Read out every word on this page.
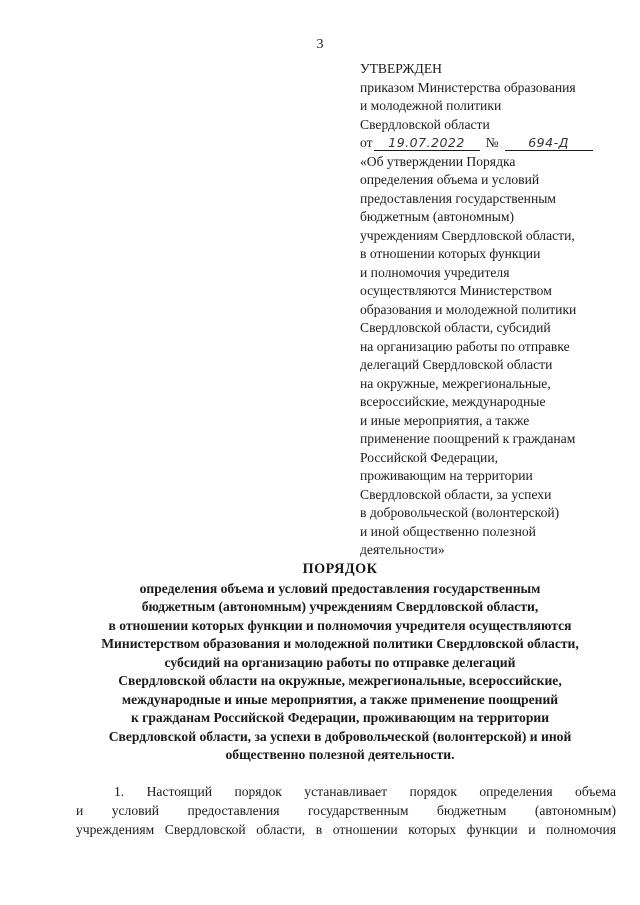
3
УТВЕРЖДЕН
приказом Министерства образования
и молодежной политики
Свердловской области
от	19.07.2022	№	694-Д
«Об утверждении Порядка
определения объема и условий
предоставления государственным
бюджетным (автономным)
учреждениям Свердловской области,
в отношении которых функции
и полномочия учредителя
осуществляются Министерством
образования и молодежной политики
Свердловской области, субсидий
на организацию работы по отправке
делегаций Свердловской области
на окружные, межрегиональные,
всероссийские, международные
и иные мероприятия, а также
применение поощрений к гражданам
Российской Федерации,
проживающим на территории
Свердловской области, за успехи
в добровольческой (волонтерской)
и иной общественно полезной
деятельности»
ПОРЯДОК
определения объема и условий предоставления государственным
бюджетным (автономным) учреждениям Свердловской области,
в отношении которых функции и полномочия учредителя осуществляются
Министерством образования и молодежной политики Свердловской области,
субсидий на организацию работы по отправке делегаций
Свердловской области на окружные, межрегиональные, всероссийские,
международные и иные мероприятия, а также применение поощрений
к гражданам Российской Федерации, проживающим на территории
Свердловской области, за успехи в добровольческой (волонтерской) и иной
общественно полезной деятельности.
1. Настоящий порядок устанавливает порядок определения объема
и условий предоставления государственным бюджетным (автономным)
учреждениям Свердловской области, в отношении которых функции и полномочия
